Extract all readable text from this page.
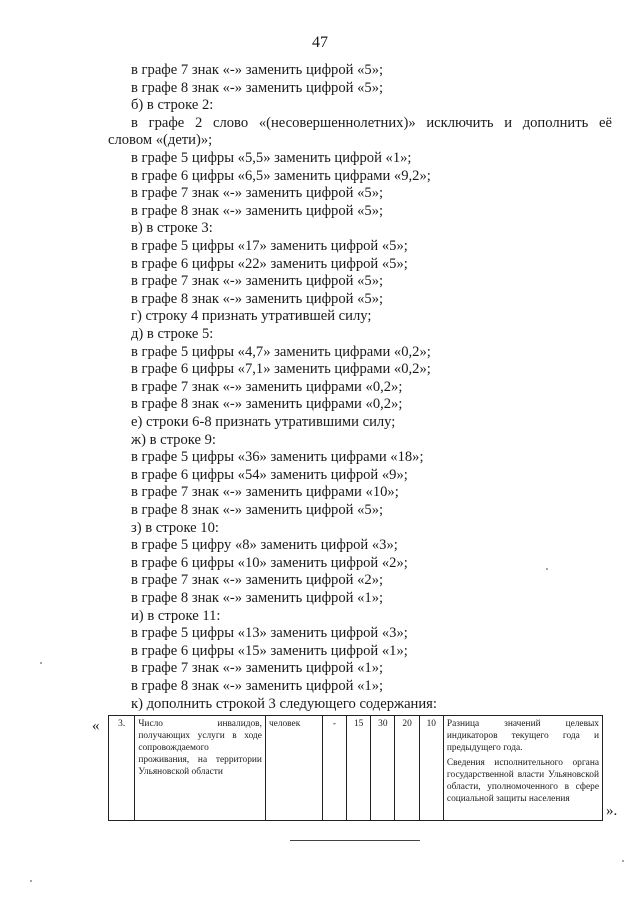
47
в графе 7 знак «-» заменить цифрой «5»;
в графе 8 знак «-» заменить цифрой «5»;
б) в строке 2:
в графе 2 слово «(несовершеннолетних)» исключить и дополнить её
словом «(дети)»;
в графе 5 цифры «5,5» заменить цифрой «1»;
в графе 6 цифры «6,5» заменить цифрами «9,2»;
в графе 7 знак «-» заменить цифрой «5»;
в графе 8 знак «-» заменить цифрой «5»;
в) в строке 3:
в графе 5 цифры «17» заменить цифрой «5»;
в графе 6 цифры «22» заменить цифрой «5»;
в графе 7 знак «-» заменить цифрой «5»;
в графе 8 знак «-» заменить цифрой «5»;
г) строку 4 признать утратившей силу;
д) в строке 5:
в графе 5 цифры «4,7» заменить цифрами «0,2»;
в графе 6 цифры «7,1» заменить цифрами «0,2»;
в графе 7 знак «-» заменить цифрами «0,2»;
в графе 8 знак «-» заменить цифрами «0,2»;
е) строки 6-8 признать утратившими силу;
ж) в строке 9:
в графе 5 цифры «36» заменить цифрами «18»;
в графе 6 цифры «54» заменить цифрой «9»;
в графе 7 знак «-» заменить цифрами «10»;
в графе 8 знак «-» заменить цифрой «5»;
з) в строке 10:
в графе 5 цифру «8» заменить цифрой «3»;
в графе 6 цифры «10» заменить цифрой «2»;
в графе 7 знак «-» заменить цифрой «2»;
в графе 8 знак «-» заменить цифрой «1»;
и) в строке 11:
в графе 5 цифры «13» заменить цифрой «3»;
в графе 6 цифры «15» заменить цифрой «1»;
в графе 7 знак «-» заменить цифрой «1»;
в графе 8 знак «-» заменить цифрой «1»;
к) дополнить строкой 3 следующего содержания:
« 3.	Число инвалидов, получающих услуги в ходе сопровождаемого проживания, на территории Ульяновской области	человек	-	15	30	20	10	Разница значений целевых индикаторов текущего года и предыдущего года.
Сведения исполнительного органа государственной власти Ульяновской области, уполномоченного в сфере социальной защиты населения
».
